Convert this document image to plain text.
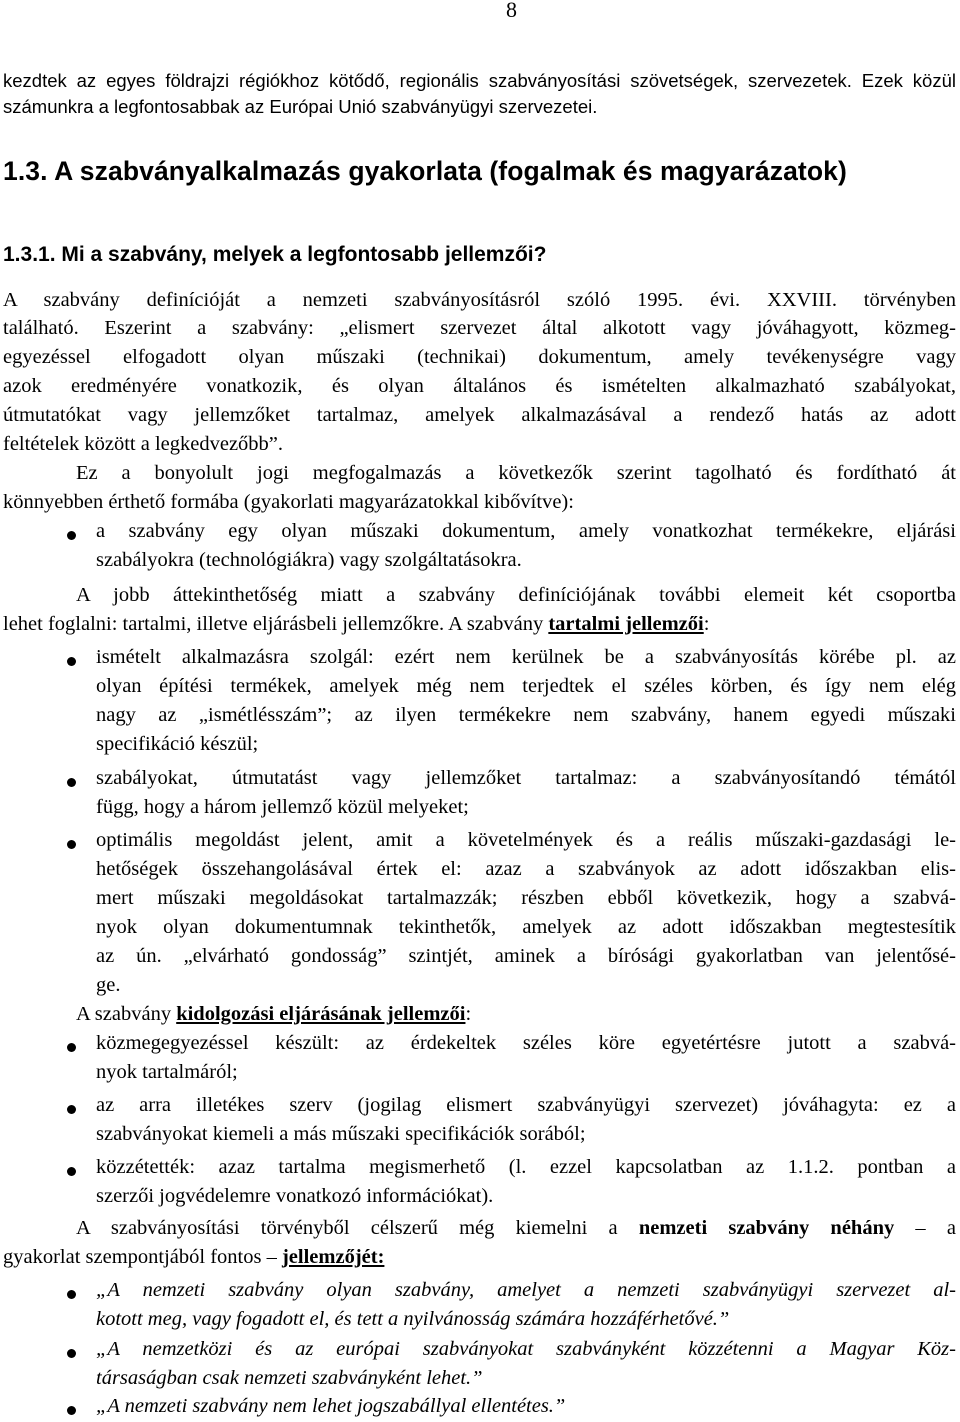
8
kezdtek az egyes földrajzi régiókhoz kötődő, regionális szabványosítási szövetségek, szervezetek. Ezek közül
számunkra a legfontosabbak az Európai Unió szabványügyi szervezetei.
1.3. A szabványalkalmazás gyakorlata (fogalmak és magyarázatok)
1.3.1. Mi a szabvány, melyek a legfontosabb jellemzői?
A szabvány definícióját a nemzeti szabványosításról szóló 1995. évi. XXVIII. törvényben
található. Eszerint a szabvány: „elismert szervezet által alkotott vagy jóváhagyott, közmeg-
egyezéssel elfogadott olyan műszaki (technikai) dokumentum, amely tevékenységre vagy
azok eredményére vonatkozik, és olyan általános és ismételten alkalmazható szabályokat,
útmutatókat vagy jellemzőket tartalmaz, amelyek alkalmazásával a rendező hatás az adott
feltételek között a legkedvezőbb”.
Ez a bonyolult jogi megfogalmazás a következők szerint tagolható és fordítható át
könnyebben érthető formába (gyakorlati magyarázatokkal kibővítve):
a szabvány egy olyan műszaki dokumentum, amely vonatkozhat termékekre, eljárási
szabályokra (technológiákra) vagy szolgáltatásokra.
A jobb áttekinthetőség miatt a szabvány definíciójának további elemeit két csoportba
lehet foglalni: tartalmi, illetve eljárásbeli jellemzőkre. A szabvány tartalmi jellemzői:
ismételt alkalmazásra szolgál: ezért nem kerülnek be a szabványosítás körébe pl. az
olyan építési termékek, amelyek még nem terjedtek el széles körben, és így nem elég
nagy az „ismétlésszám”; az ilyen termékekre nem szabvány, hanem egyedi műszaki
specifikáció készül;
szabályokat, útmutatást vagy jellemzőket tartalmaz: a szabványosítandó témától
függ, hogy a három jellemző közül melyeket;
optimális megoldást jelent, amit a követelmények és a reális műszaki-gazdasági le-
hetőségek összehangolásával értek el: azaz a szabványok az adott időszakban elis-
mert műszaki megoldásokat tartalmazzák; részben ebből következik, hogy a szabvá-
nyok olyan dokumentumnak tekinthetők, amelyek az adott időszakban megtestesítik
az ún. „elvárható gondosság” szintjét, aminek a bírósági gyakorlatban van jelentősé-
ge.
A szabvány kidolgozási eljárásának jellemzői:
közmegegyezéssel készült: az érdekeltek széles köre egyetértésre jutott a szabvá-
nyok tartalmáról;
az arra illetékes szerv (jogilag elismert szabványügyi szervezet) jóváhagyta: ez a
szabványokat kiemeli a más műszaki specifikációk sorából;
közzétették: azaz tartalma megismerhető (l. ezzel kapcsolatban az 1.1.2. pontban a
szerzői jogvédelemre vonatkozó információkat).
A szabványosítási törvényből célszerű még kiemelni a nemzeti szabvány néhány – a
gyakorlat szempontjából fontos – jellemzőjét:
„A nemzeti szabvány olyan szabvány, amelyet a nemzeti szabványügyi szervezet al-
kotott meg, vagy fogadott el, és tett a nyilvánosság számára hozzáférhetővé.”
„A nemzetközi és az európai szabványokat szabványként közzétenni a Magyar Köz-
társaságban csak nemzeti szabványként lehet.”
„A nemzeti szabvány nem lehet jogszabállyal ellentétes.”
